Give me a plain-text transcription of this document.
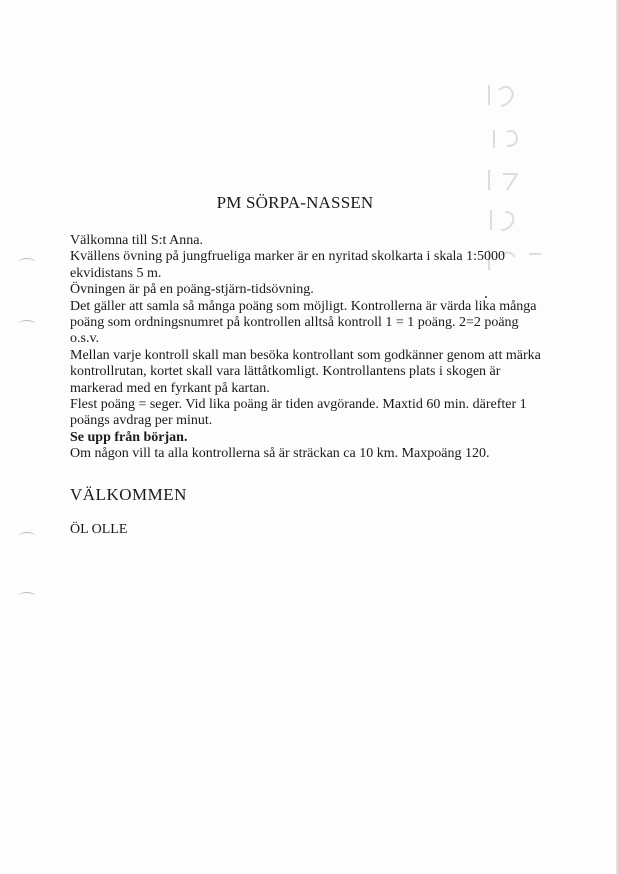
PM SÖRPA-NASSEN

Välkomna till S:t Anna.

Kvällens övning på jungfrueliga marker är en nyritad skolkarta i skala 1:5000 ekvidistans 5 m.

Övningen är på en poäng-stjärn-tidsövning.

Det gäller att samla så många poäng som möjligt. Kontrollerna är värda lika många poäng som ordningsnumret på kontrollen alltså kontroll 1 = 1 poäng. 2=2 poäng o.s.v.

Mellan varje kontroll skall man besöka kontrollant som godkänner genom att märka kontrollrutan, kortet skall vara lättåtkomligt. Kontrollantens plats i skogen är markerad med en fyrkant på kartan.

Flest poäng = seger. Vid lika poäng är tiden avgörande. Maxtid 60 min. därefter 1 poängs avdrag per minut.

Se upp från början.

Om någon vill ta alla kontrollerna så är sträckan ca 10 km. Maxpoäng 120.

VÄLKOMMEN
ÖL OLLE
